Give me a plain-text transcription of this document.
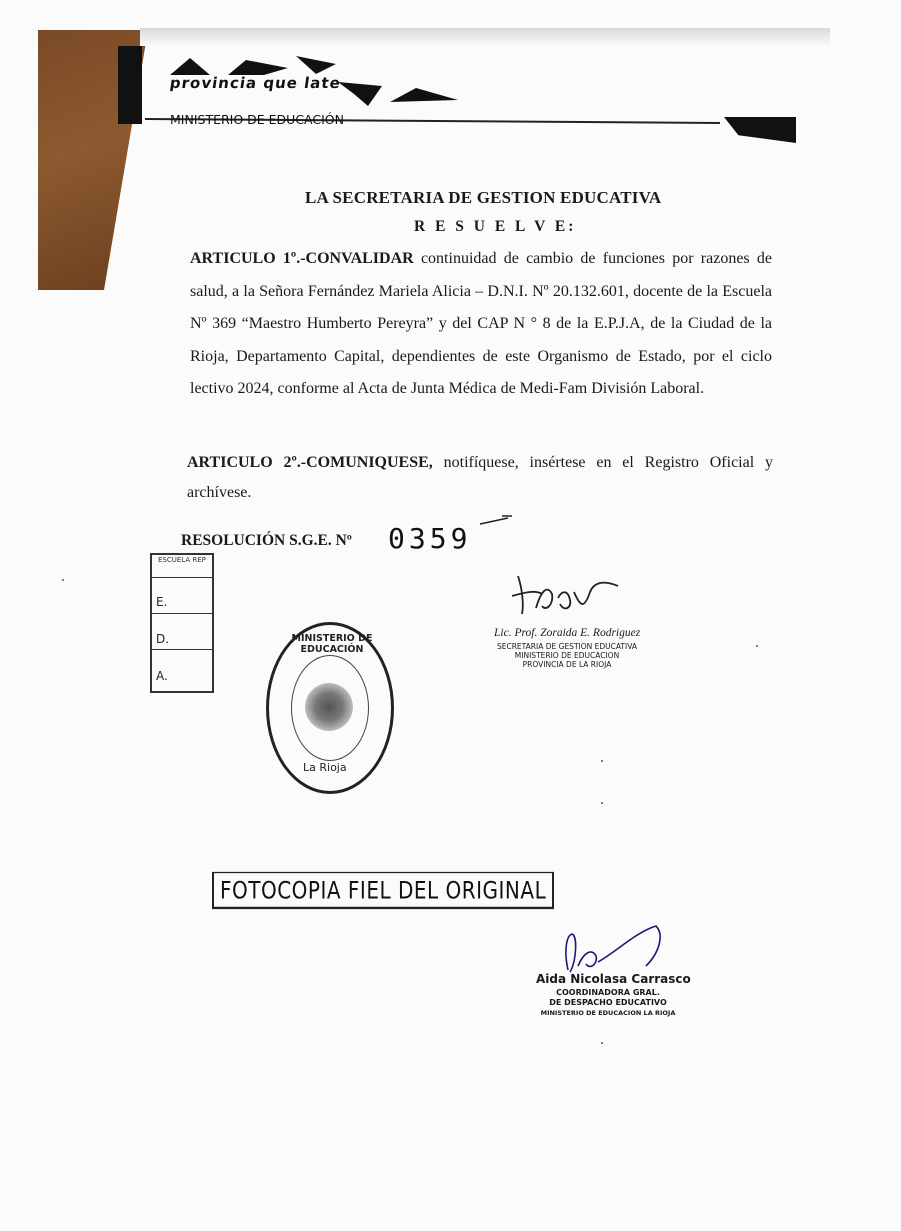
provincia que late
MINISTERIO DE EDUCACIÓN
LA SECRETARIA DE GESTION EDUCATIVA
R E S U E L V E:
ARTICULO 1º.-CONVALIDAR continuidad de cambio de funciones por razones de salud, a la Señora Fernández Mariela Alicia – D.N.I. Nº 20.132.601, docente de la Escuela Nº 369 “Maestro Humberto Pereyra” y del CAP N ° 8 de la E.P.J.A, de la Ciudad de la Rioja, Departamento Capital, dependientes de este Organismo de Estado, por el ciclo lectivo 2024, conforme al Acta de Junta Médica de Medi-Fam División Laboral.
ARTICULO 2º.-COMUNIQUESE, notifíquese, insértese en el Registro Oficial y archívese.
RESOLUCIÓN S.G.E. Nº 0359
ESCUELA REP
E.
D.
A.
MINISTERIO DE EDUCACIÓN
La Rioja
Lic. Prof. Zoraida E. Rodriguez
SECRETARIA DE GESTION EDUCATIVA
MINISTERIO DE EDUCACION
PROVINCIA DE LA RIOJA
FOTOCOPIA FIEL DEL ORIGINAL
Aida Nicolasa Carrasco
COORDINADORA GRAL.
DE DESPACHO EDUCATIVO
MINISTERIO DE EDUCACION LA RIOJA
